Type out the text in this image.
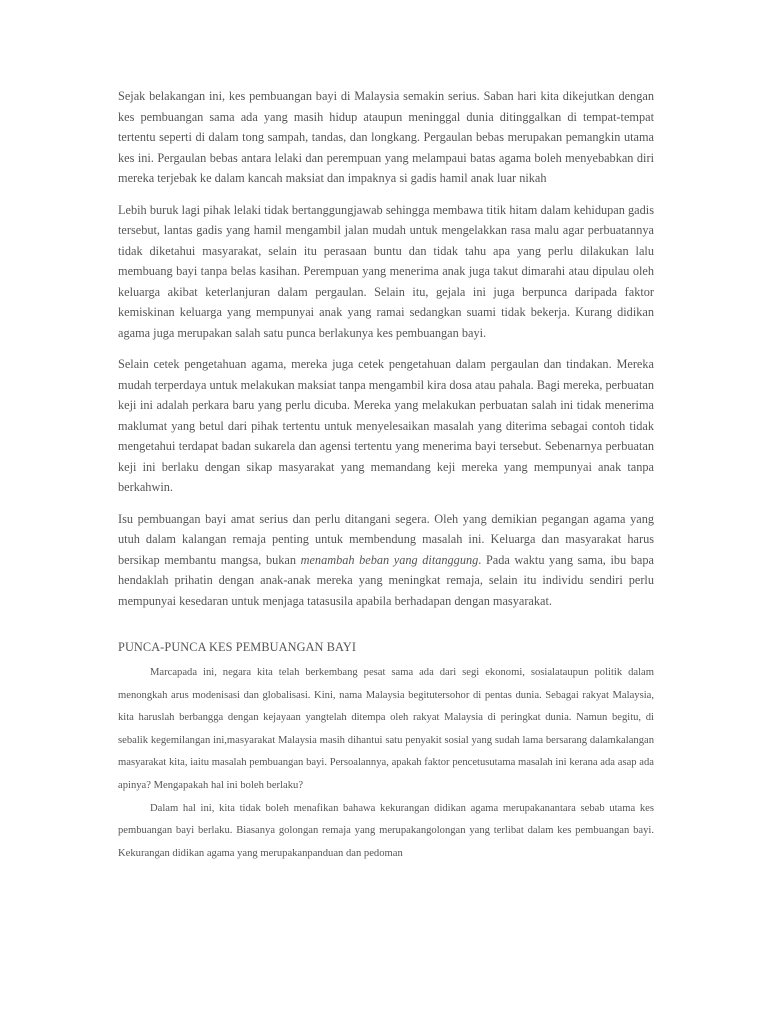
Sejak belakangan ini, kes pembuangan bayi di Malaysia semakin serius. Saban hari kita dikejutkan dengan kes pembuangan sama ada yang masih hidup ataupun meninggal dunia ditinggalkan di tempat-tempat tertentu seperti di dalam tong sampah, tandas, dan longkang. Pergaulan bebas merupakan pemangkin utama kes ini. Pergaulan bebas antara lelaki dan perempuan yang melampaui batas agama boleh menyebabkan diri mereka terjebak ke dalam kancah maksiat dan impaknya si gadis hamil anak luar nikah

Lebih buruk lagi pihak lelaki tidak bertanggungjawab sehingga membawa titik hitam dalam kehidupan gadis tersebut, lantas gadis yang hamil mengambil jalan mudah untuk mengelakkan rasa malu agar perbuatannya tidak diketahui masyarakat, selain itu perasaan buntu dan tidak tahu apa yang perlu dilakukan lalu membuang bayi tanpa belas kasihan. Perempuan yang menerima anak juga takut dimarahi atau dipulau oleh keluarga akibat keterlanjuran dalam pergaulan. Selain itu, gejala ini juga berpunca daripada faktor kemiskinan keluarga yang mempunyai anak yang ramai sedangkan suami tidak bekerja. Kurang didikan agama juga merupakan salah satu punca berlakunya kes pembuangan bayi.

Selain cetek pengetahuan agama, mereka juga cetek pengetahuan dalam pergaulan dan tindakan. Mereka mudah terperdaya untuk melakukan maksiat tanpa mengambil kira dosa atau pahala. Bagi mereka, perbuatan keji ini adalah perkara baru yang perlu dicuba. Mereka yang melakukan perbuatan salah ini tidak menerima maklumat yang betul dari pihak tertentu untuk menyelesaikan masalah yang diterima sebagai contoh tidak mengetahui terdapat badan sukarela dan agensi tertentu yang menerima bayi tersebut. Sebenarnya perbuatan keji ini berlaku dengan sikap masyarakat yang memandang keji mereka yang mempunyai anak tanpa berkahwin.

Isu pembuangan bayi amat serius dan perlu ditangani segera. Oleh yang demikian pegangan agama yang utuh dalam kalangan remaja penting untuk membendung masalah ini. Keluarga dan masyarakat harus bersikap membantu mangsa, bukan menambah beban yang ditanggung. Pada waktu yang sama, ibu bapa hendaklah prihatin dengan anak-anak mereka yang meningkat remaja, selain itu individu sendiri perlu mempunyai kesedaran untuk menjaga tatasusila apabila berhadapan dengan masyarakat.

PUNCA-PUNCA KES PEMBUANGAN BAYI

Marcapada ini, negara kita telah berkembang pesat sama ada dari segi ekonomi, sosialataupun politik dalam menongkah arus modenisasi dan globalisasi. Kini, nama Malaysia begitutersohor di pentas dunia. Sebagai rakyat Malaysia, kita haruslah berbangga dengan kejayaan yangtelah ditempa oleh rakyat Malaysia di peringkat dunia. Namun begitu, di sebalik kegemilangan ini,masyarakat Malaysia masih dihantui satu penyakit sosial yang sudah lama bersarang dalamkalangan masyarakat kita, iaitu masalah pembuangan bayi. Persoalannya, apakah faktor pencetusutama masalah ini kerana ada asap ada apinya? Mengapakah hal ini boleh berlaku?

Dalam hal ini, kita tidak boleh menafikan bahawa kekurangan didikan agama merupakanantara sebab utama kes pembuangan bayi berlaku. Biasanya golongan remaja yang merupakangolongan yang terlibat dalam kes pembuangan bayi. Kekurangan didikan agama yang merupakanpanduan dan pedoman
